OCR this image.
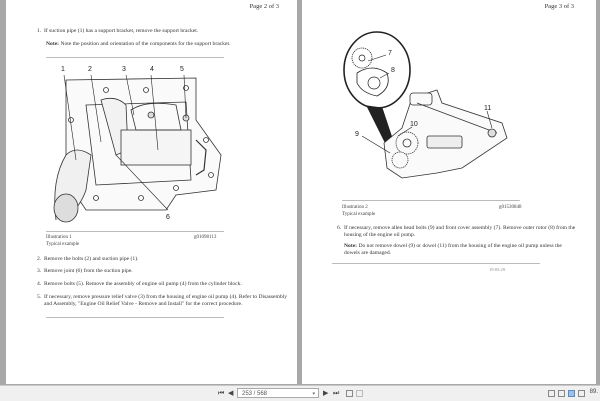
Page 2 of 3
1. If suction pipe (1) has a support bracket, remove the support bracket.
Note: Note the position and orientation of the components for the support bracket.
1	2	3	4	5
6
Illustration 1	g01098113
Typical example
2. Remove the bolts (2) and suction pipe (1).
3. Remove joint (6) from the suction pipe.
4. Remove bolts (5). Remove the assembly of engine oil pump (4) from the cylinder block.
5. If necessary, remove pressure relief valve (3) from the housing of engine oil pump (4). Refer to Disassembly and Assembly, "Engine Oil Relief Valve - Remove and Install" for the correct procedure.
Page 3 of 3
7
8
9
10
11
Illustration 2	g01530848
Typical example
6. If necessary, remove allen head bolts (9) and front cover assembly (7). Remove outer rotor (8) from the housing of the engine oil pump.
Note: Do not remove dowel (9) or dowel (11) from the housing of the engine oil pump unless the dowels are damaged.
19:03:29
⏮ ◀	253 / 568	▾ ▶ ⏭	89.
